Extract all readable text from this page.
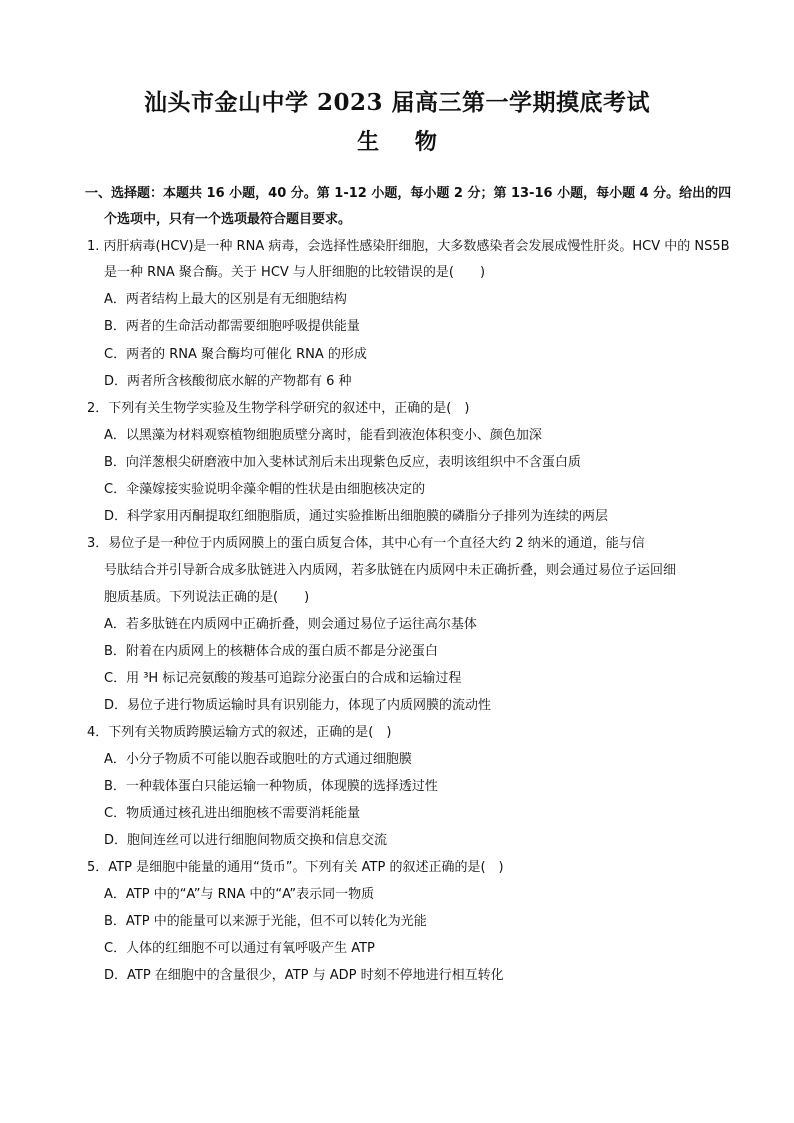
汕头市金山中学 2023 届高三第一学期摸底考试
生 物
一、选择题：本题共 16 小题，40 分。第 1-12 小题，每小题 2 分；第 13-16 小题，每小题 4 分。给出的四
个选项中，只有一个选项最符合题目要求。
1. 丙肝病毒(HCV)是一种 RNA 病毒，会选择性感染肝细胞，大多数感染者会发展成慢性肝炎。HCV 中的 NS5B
是一种 RNA 聚合酶。关于 HCV 与人肝细胞的比较错误的是(　　)
A．两者结构上最大的区别是有无细胞结构
B．两者的生命活动都需要细胞呼吸提供能量
C．两者的 RNA 聚合酶均可催化 RNA 的形成
D．两者所含核酸彻底水解的产物都有 6 种
2．下列有关生物学实验及生物学科学研究的叙述中，正确的是(　)
A．以黑藻为材料观察植物细胞质壁分离时，能看到液泡体积变小、颜色加深
B．向洋葱根尖研磨液中加入斐林试剂后未出现紫色反应，表明该组织中不含蛋白质
C．伞藻嫁接实验说明伞藻伞帽的性状是由细胞核决定的
D．科学家用丙酮提取红细胞脂质，通过实验推断出细胞膜的磷脂分子排列为连续的两层
3．易位子是一种位于内质网膜上的蛋白质复合体，其中心有一个直径大约 2 纳米的通道，能与信
号肽结合并引导新合成多肽链进入内质网，若多肽链在内质网中未正确折叠，则会通过易位子运回细
胞质基质。下列说法正确的是(　　)
A．若多肽链在内质网中正确折叠，则会通过易位子运往高尔基体
B．附着在内质网上的核糖体合成的蛋白质不都是分泌蛋白
C．用 ³H 标记亮氨酸的羧基可追踪分泌蛋白的合成和运输过程
D．易位子进行物质运输时具有识别能力，体现了内质网膜的流动性
4．下列有关物质跨膜运输方式的叙述，正确的是(　)
A．小分子物质不可能以胞吞或胞吐的方式通过细胞膜
B．一种载体蛋白只能运输一种物质，体现膜的选择透过性
C．物质通过核孔进出细胞核不需要消耗能量
D．胞间连丝可以进行细胞间物质交换和信息交流
5．ATP 是细胞中能量的通用“货币”。下列有关 ATP 的叙述正确的是(　)
A．ATP 中的“A”与 RNA 中的“A”表示同一物质
B．ATP 中的能量可以来源于光能，但不可以转化为光能
C．人体的红细胞不可以通过有氧呼吸产生 ATP
D．ATP 在细胞中的含量很少，ATP 与 ADP 时刻不停地进行相互转化
